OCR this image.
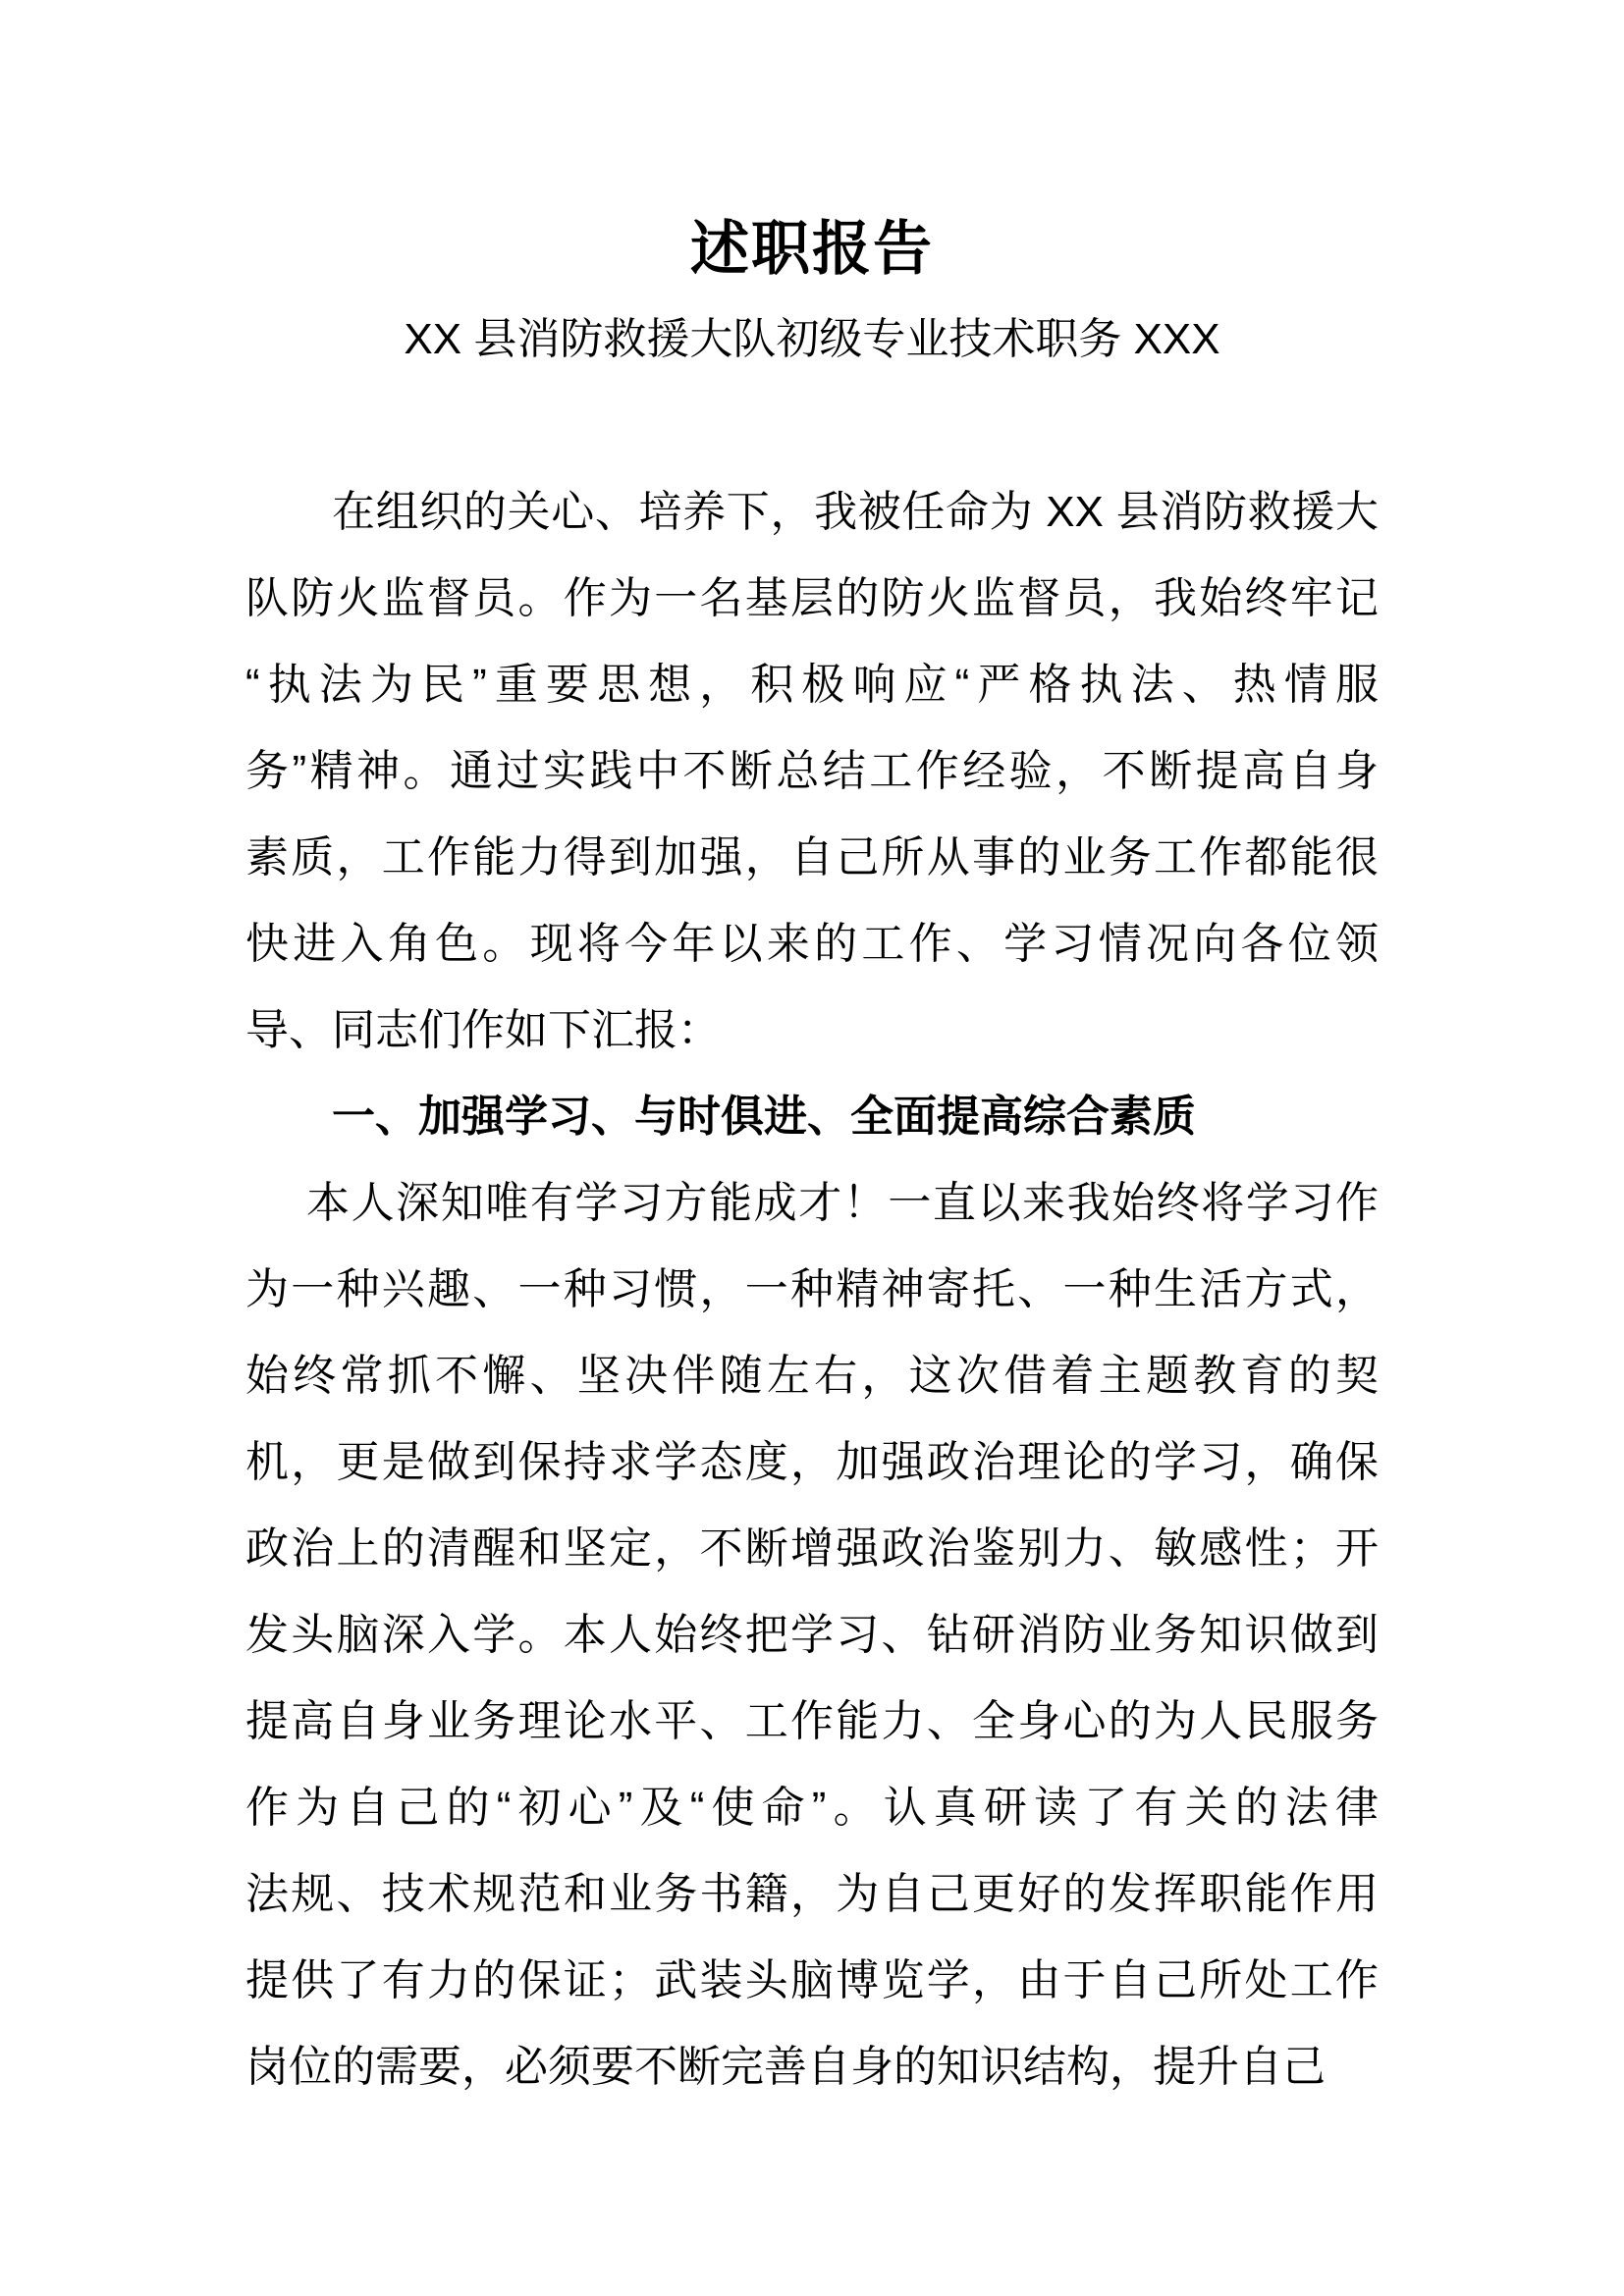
述职报告
XX 县消防救援大队初级专业技术职务 XXX
在组织的关心、培养下，我被任命为 XX 县消防救援大
队防火监督员。作为一名基层的防火监督员，我始终牢记
“执法为民”重要思想，积极响应“严格执法、热情服
务”精神。通过实践中不断总结工作经验，不断提高自身
素质，工作能力得到加强，自己所从事的业务工作都能很
快进入角色。现将今年以来的工作、学习情况向各位领
导、同志们作如下汇报：
一、加强学习、与时俱进、全面提高综合素质
本人深知唯有学习方能成才！一直以来我始终将学习作
为一种兴趣、一种习惯，一种精神寄托、一种生活方式，
始终常抓不懈、坚决伴随左右，这次借着主题教育的契
机，更是做到保持求学态度，加强政治理论的学习，确保
政治上的清醒和坚定，不断增强政治鉴别力、敏感性；开
发头脑深入学。本人始终把学习、钻研消防业务知识做到
提高自身业务理论水平、工作能力、全身心的为人民服务
作为自己的“初心”及“使命”。认真研读了有关的法律
法规、技术规范和业务书籍，为自己更好的发挥职能作用
提供了有力的保证；武装头脑博览学，由于自己所处工作
岗位的需要，必须要不断完善自身的知识结构，提升自己
